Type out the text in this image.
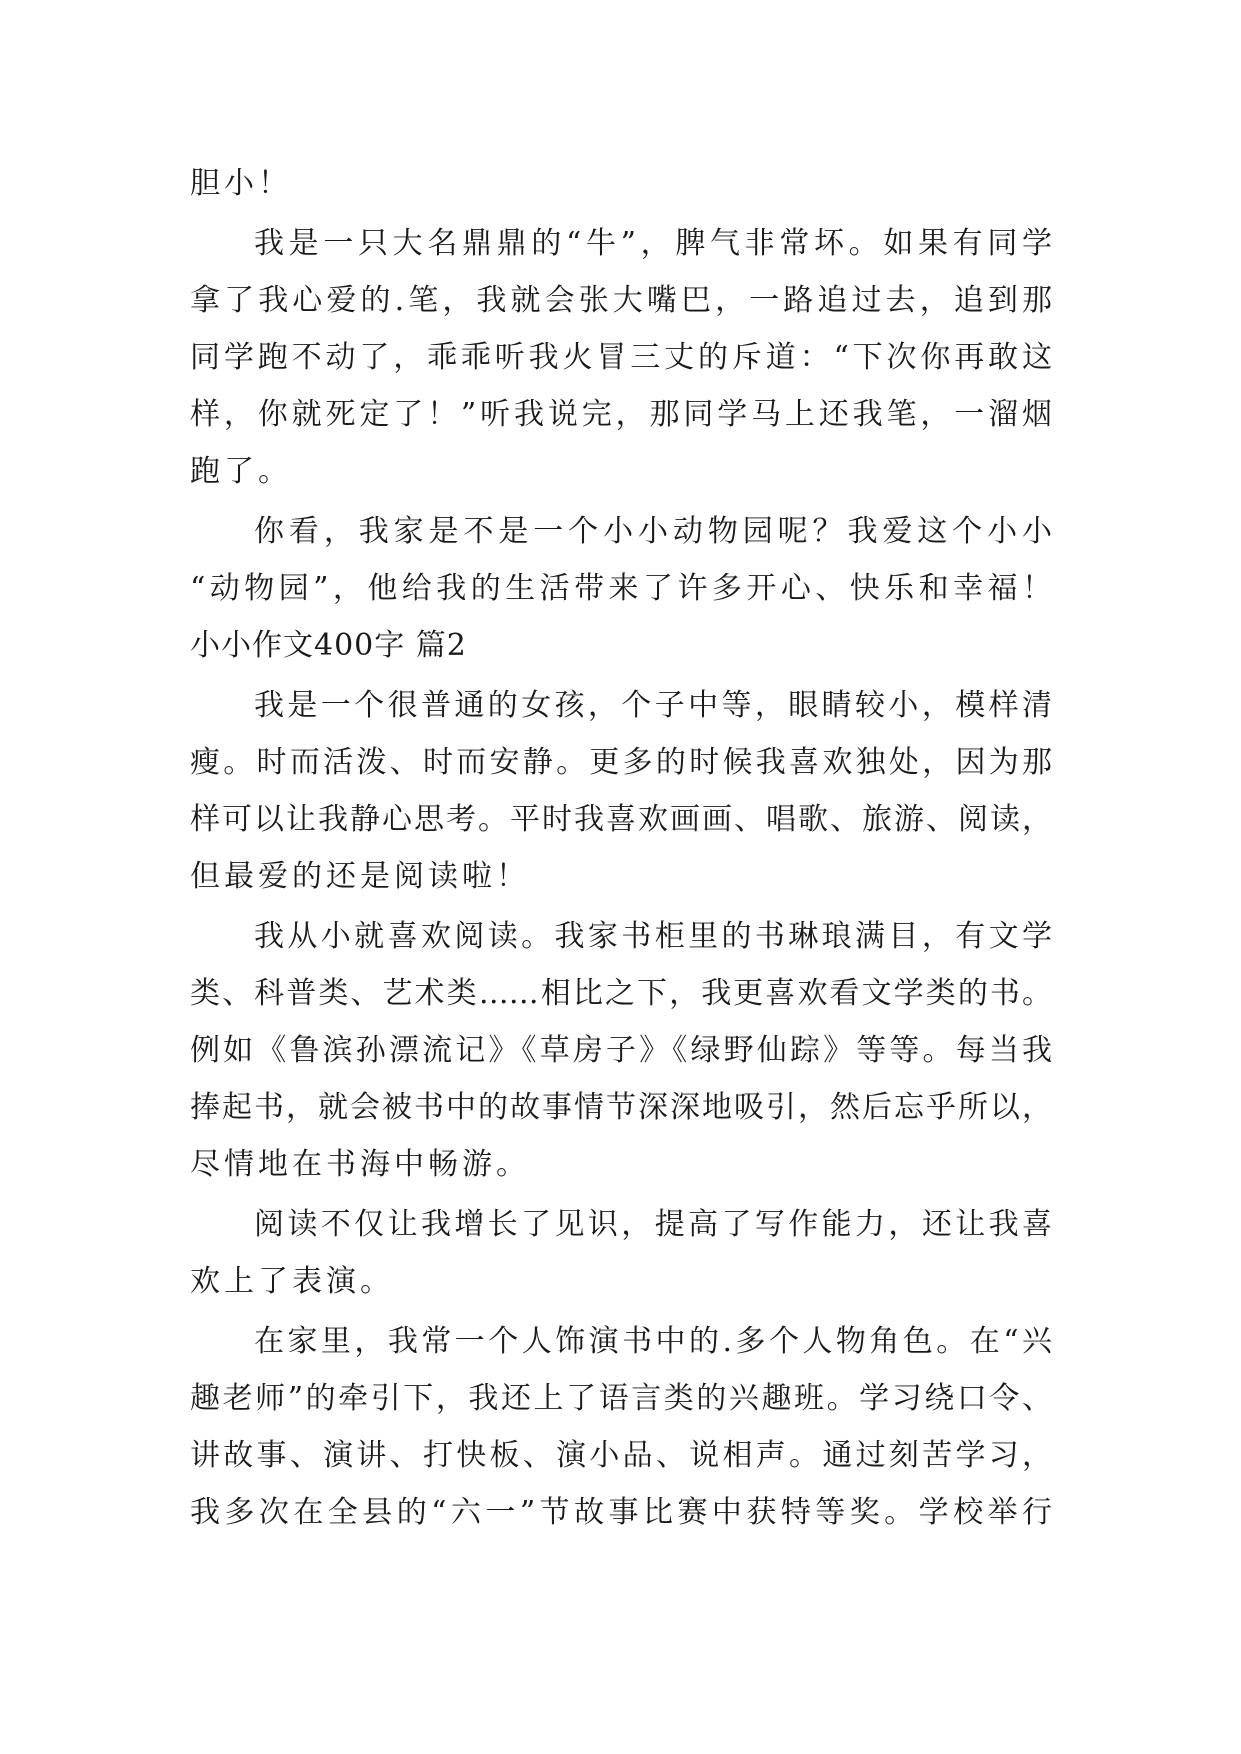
胆小！
我是一只大名鼎鼎的“牛”，脾气非常坏。如果有同学
拿了我心爱的.笔，我就会张大嘴巴，一路追过去，追到那
同学跑不动了，乖乖听我火冒三丈的斥道：“下次你再敢这
样，你就死定了！”听我说完，那同学马上还我笔，一溜烟
跑了。
你看，我家是不是一个小小动物园呢？我爱这个小小
“动物园”，他给我的生活带来了许多开心、快乐和幸福！
小小作文400字 篇2
我是一个很普通的女孩，个子中等，眼睛较小，模样清
瘦。时而活泼、时而安静。更多的时候我喜欢独处，因为那
样可以让我静心思考。平时我喜欢画画、唱歌、旅游、阅读，
但最爱的还是阅读啦！
我从小就喜欢阅读。我家书柜里的书琳琅满目，有文学
类、科普类、艺术类……相比之下，我更喜欢看文学类的书。
例如《鲁滨孙漂流记》《草房子》《绿野仙踪》等等。每当我
捧起书，就会被书中的故事情节深深地吸引，然后忘乎所以，
尽情地在书海中畅游。
阅读不仅让我增长了见识，提高了写作能力，还让我喜
欢上了表演。
在家里，我常一个人饰演书中的.多个人物角色。在“兴
趣老师”的牵引下，我还上了语言类的兴趣班。学习绕口令、
讲故事、演讲、打快板、演小品、说相声。通过刻苦学习，
我多次在全县的“六一”节故事比赛中获特等奖。学校举行
